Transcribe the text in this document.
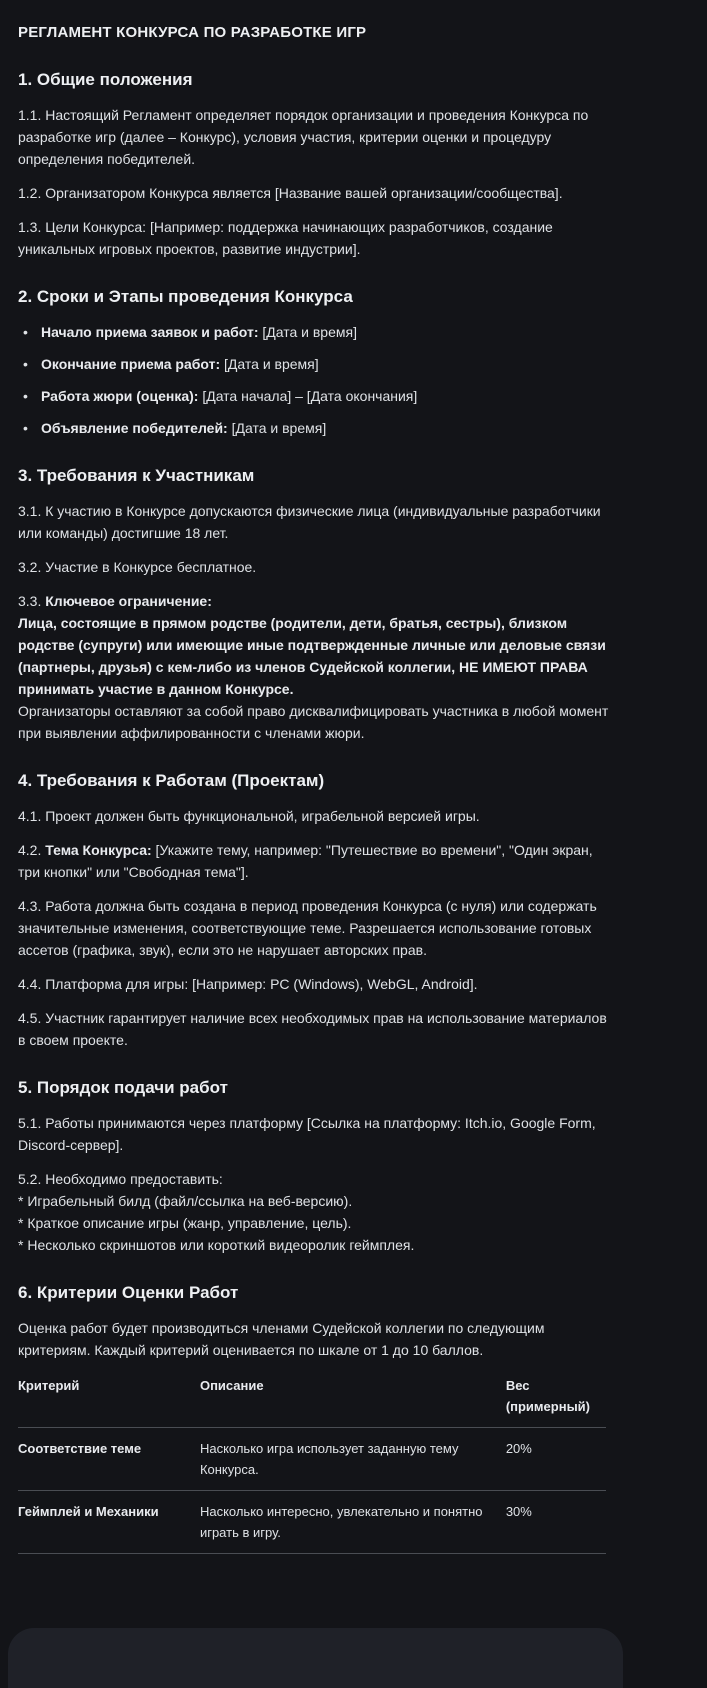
РЕГЛАМЕНТ КОНКУРСА ПО РАЗРАБОТКЕ ИГР
1. Общие положения

1.1. Настоящий Регламент определяет порядок организации и проведения Конкурса по разработке игр (далее – Конкурс), условия участия, критерии оценки и процедуру определения победителей.

1.2. Организатором Конкурса является [Название вашей организации/сообщества].

1.3. Цели Конкурса: [Например: поддержка начинающих разработчиков, создание уникальных игровых проектов, развитие индустрии].

2. Сроки и Этапы проведения Конкурса
• Начало приема заявок и работ: [Дата и время]
• Окончание приема работ: [Дата и время]
• Работа жюри (оценка): [Дата начала] – [Дата окончания]
• Объявление победителей: [Дата и время]
3. Требования к Участникам

3.1. К участию в Конкурсе допускаются физические лица (индивидуальные разработчики или команды) достигшие 18 лет.

3.2. Участие в Конкурсе бесплатное.

3.3. Ключевое ограничение:
Лица, состоящие в прямом родстве (родители, дети, братья, сестры), близком родстве (супруги) или имеющие иные подтвержденные личные или деловые связи (партнеры, друзья) с кем-либо из членов Судейской коллегии, НЕ ИМЕЮТ ПРАВА принимать участие в данном Конкурсе.
Организаторы оставляют за собой право дисквалифицировать участника в любой момент при выявлении аффилированности с членами жюри.

4. Требования к Работам (Проектам)

4.1. Проект должен быть функциональной, играбельной версией игры.

4.2. Тема Конкурса: [Укажите тему, например: "Путешествие во времени", "Один экран, три кнопки" или "Свободная тема"].

4.3. Работа должна быть создана в период проведения Конкурса (с нуля) или содержать значительные изменения, соответствующие теме. Разрешается использование готовых ассетов (графика, звук), если это не нарушает авторских прав.

4.4. Платформа для игры: [Например: PC (Windows), WebGL, Android].

4.5. Участник гарантирует наличие всех необходимых прав на использование материалов в своем проекте.

5. Порядок подачи работ

5.1. Работы принимаются через платформу [Ссылка на платформу: Itch.io, Google Form, Discord-сервер].

5.2. Необходимо предоставить:
* Играбельный билд (файл/ссылка на веб-версию).
* Краткое описание игры (жанр, управление, цель).
* Несколько скриншотов или короткий видеоролик геймплея.

6. Критерии Оценки Работ

Оценка работ будет производиться членами Судейской коллегии по следующим критериям. Каждый критерий оценивается по шкале от 1 до 10 баллов.

Критерий	Описание	Вес (примерный)
Соответствие теме	Насколько игра использует заданную тему Конкурса.	20%
Геймплей и Механики	Насколько интересно, увлекательно и понятно играть в игру.	30%
